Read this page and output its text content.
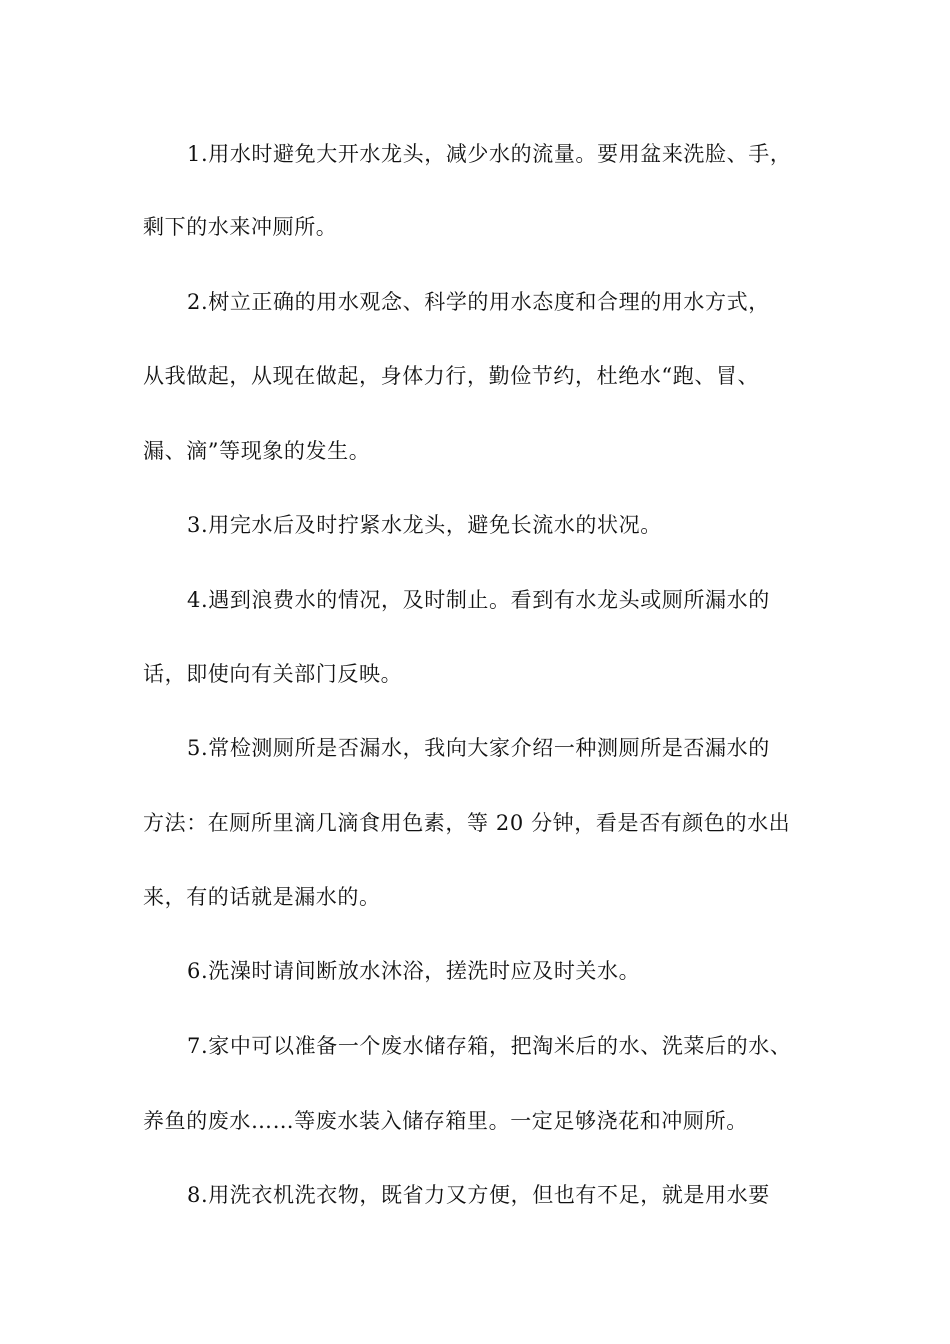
1.用水时避免大开水龙头，减少水的流量。要用盆来洗脸、手，
剩下的水来冲厕所。
2.树立正确的用水观念、科学的用水态度和合理的用水方式，
从我做起，从现在做起，身体力行，勤俭节约，杜绝水“跑、冒、
漏、滴”等现象的发生。
3.用完水后及时拧紧水龙头，避免长流水的状况。
4.遇到浪费水的情况，及时制止。看到有水龙头或厕所漏水的
话，即使向有关部门反映。
5.常检测厕所是否漏水，我向大家介绍一种测厕所是否漏水的
方法：在厕所里滴几滴食用色素，等 20 分钟，看是否有颜色的水出
来，有的话就是漏水的。
6.洗澡时请间断放水沐浴，搓洗时应及时关水。
7.家中可以准备一个废水储存箱，把淘米后的水、洗菜后的水、
养鱼的废水……等废水装入储存箱里。一定足够浇花和冲厕所。
8.用洗衣机洗衣物，既省力又方便，但也有不足，就是用水要
